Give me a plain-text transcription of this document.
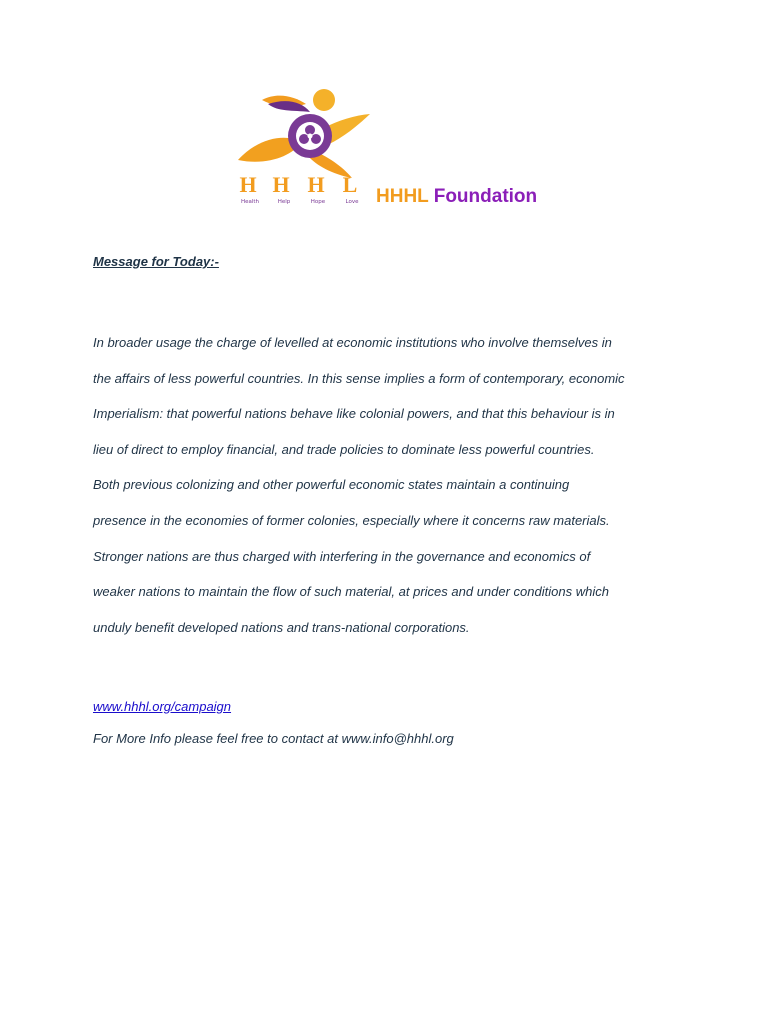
H H H L
Health	Help	Hope	Love HHHL Foundation
Message for Today:-
In broader usage the charge of levelled at economic institutions who involve themselves in
the affairs of less powerful countries. In this sense implies a form of contemporary, economic
Imperialism: that powerful nations behave like colonial powers, and that this behaviour is in
lieu of direct to employ financial, and trade policies to dominate less powerful countries.
Both previous colonizing and other powerful economic states maintain a continuing
presence in the economies of former colonies, especially where it concerns raw materials.
Stronger nations are thus charged with interfering in the governance and economics of
weaker nations to maintain the flow of such material, at prices and under conditions which
unduly benefit developed nations and trans-national corporations.
www.hhhl.org/campaign
For More Info please feel free to contact at www.info@hhhl.org
